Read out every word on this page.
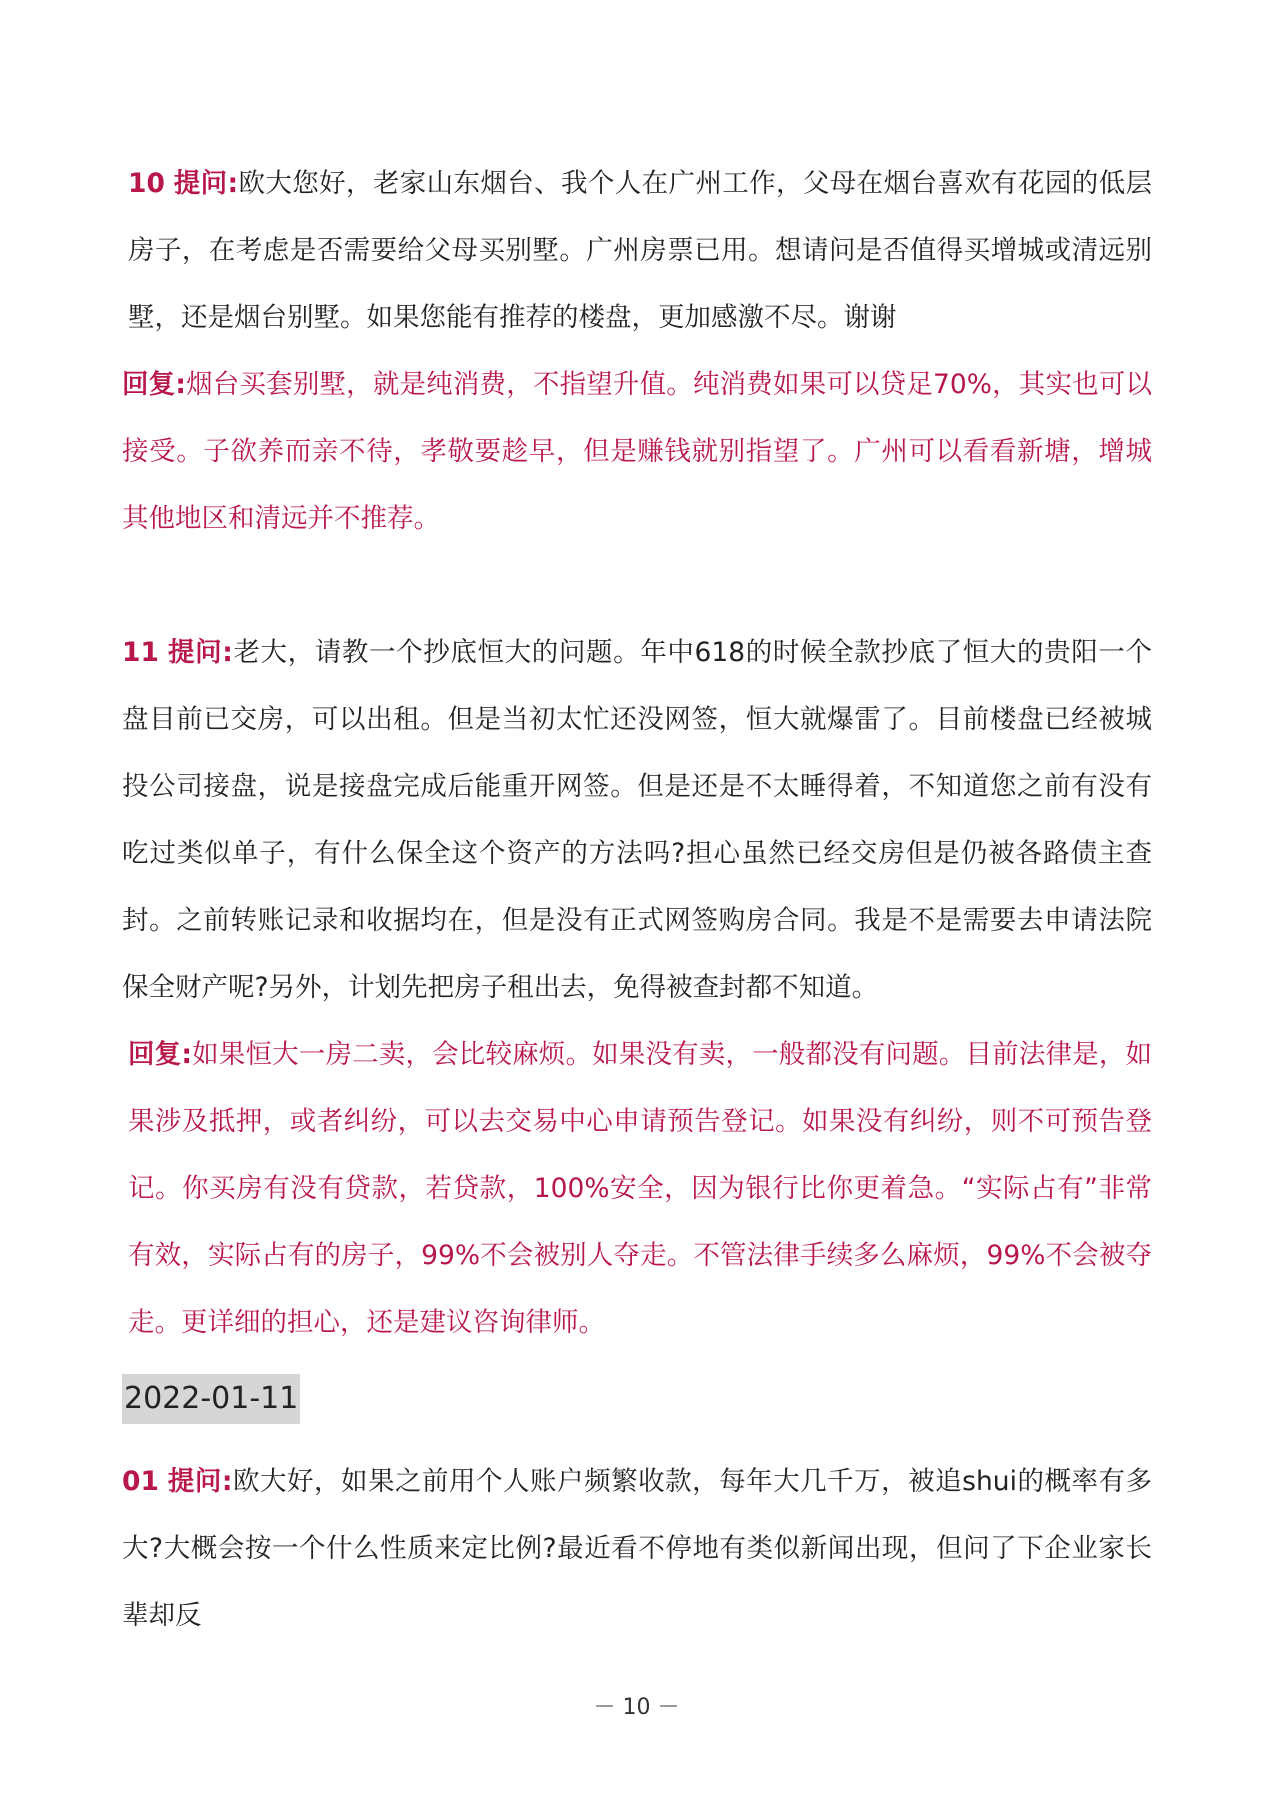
10 提问:欧大您好，老家山东烟台、我个人在广州工作，父母在烟台喜欢有花园的低层房子，在考虑是否需要给父母买别墅。广州房票已用。想请问是否值得买增城或清远别墅，还是烟台别墅。如果您能有推荐的楼盘，更加感激不尽。谢谢

回复:烟台买套别墅，就是纯消费，不指望升值。纯消费如果可以贷足70%，其实也可以接受。子欲养而亲不待，孝敬要趁早，但是赚钱就别指望了。广州可以看看新塘，增城其他地区和清远并不推荐。

11 提问:老大，请教一个抄底恒大的问题。年中618的时候全款抄底了恒大的贵阳一个盘目前已交房，可以出租。但是当初太忙还没网签，恒大就爆雷了。目前楼盘已经被城投公司接盘，说是接盘完成后能重开网签。但是还是不太睡得着，不知道您之前有没有吃过类似单子，有什么保全这个资产的方法吗?担心虽然已经交房但是仍被各路债主查封。之前转账记录和收据均在，但是没有正式网签购房合同。我是不是需要去申请法院保全财产呢?另外，计划先把房子租出去，免得被查封都不知道。

回复:如果恒大一房二卖，会比较麻烦。如果没有卖，一般都没有问题。目前法律是，如果涉及抵押，或者纠纷，可以去交易中心申请预告登记。如果没有纠纷，则不可预告登记。你买房有没有贷款，若贷款，100%安全，因为银行比你更着急。“实际占有”非常有效，实际占有的房子，99%不会被别人夺走。不管法律手续多么麻烦，99%不会被夺走。更详细的担心，还是建议咨询律师。

2022-01-11

01 提问:欧大好，如果之前用个人账户频繁收款，每年大几千万，被追shui的概率有多大?大概会按一个什么性质来定比例?最近看不停地有类似新闻出现，但问了下企业家长辈却反

－ 10 －
